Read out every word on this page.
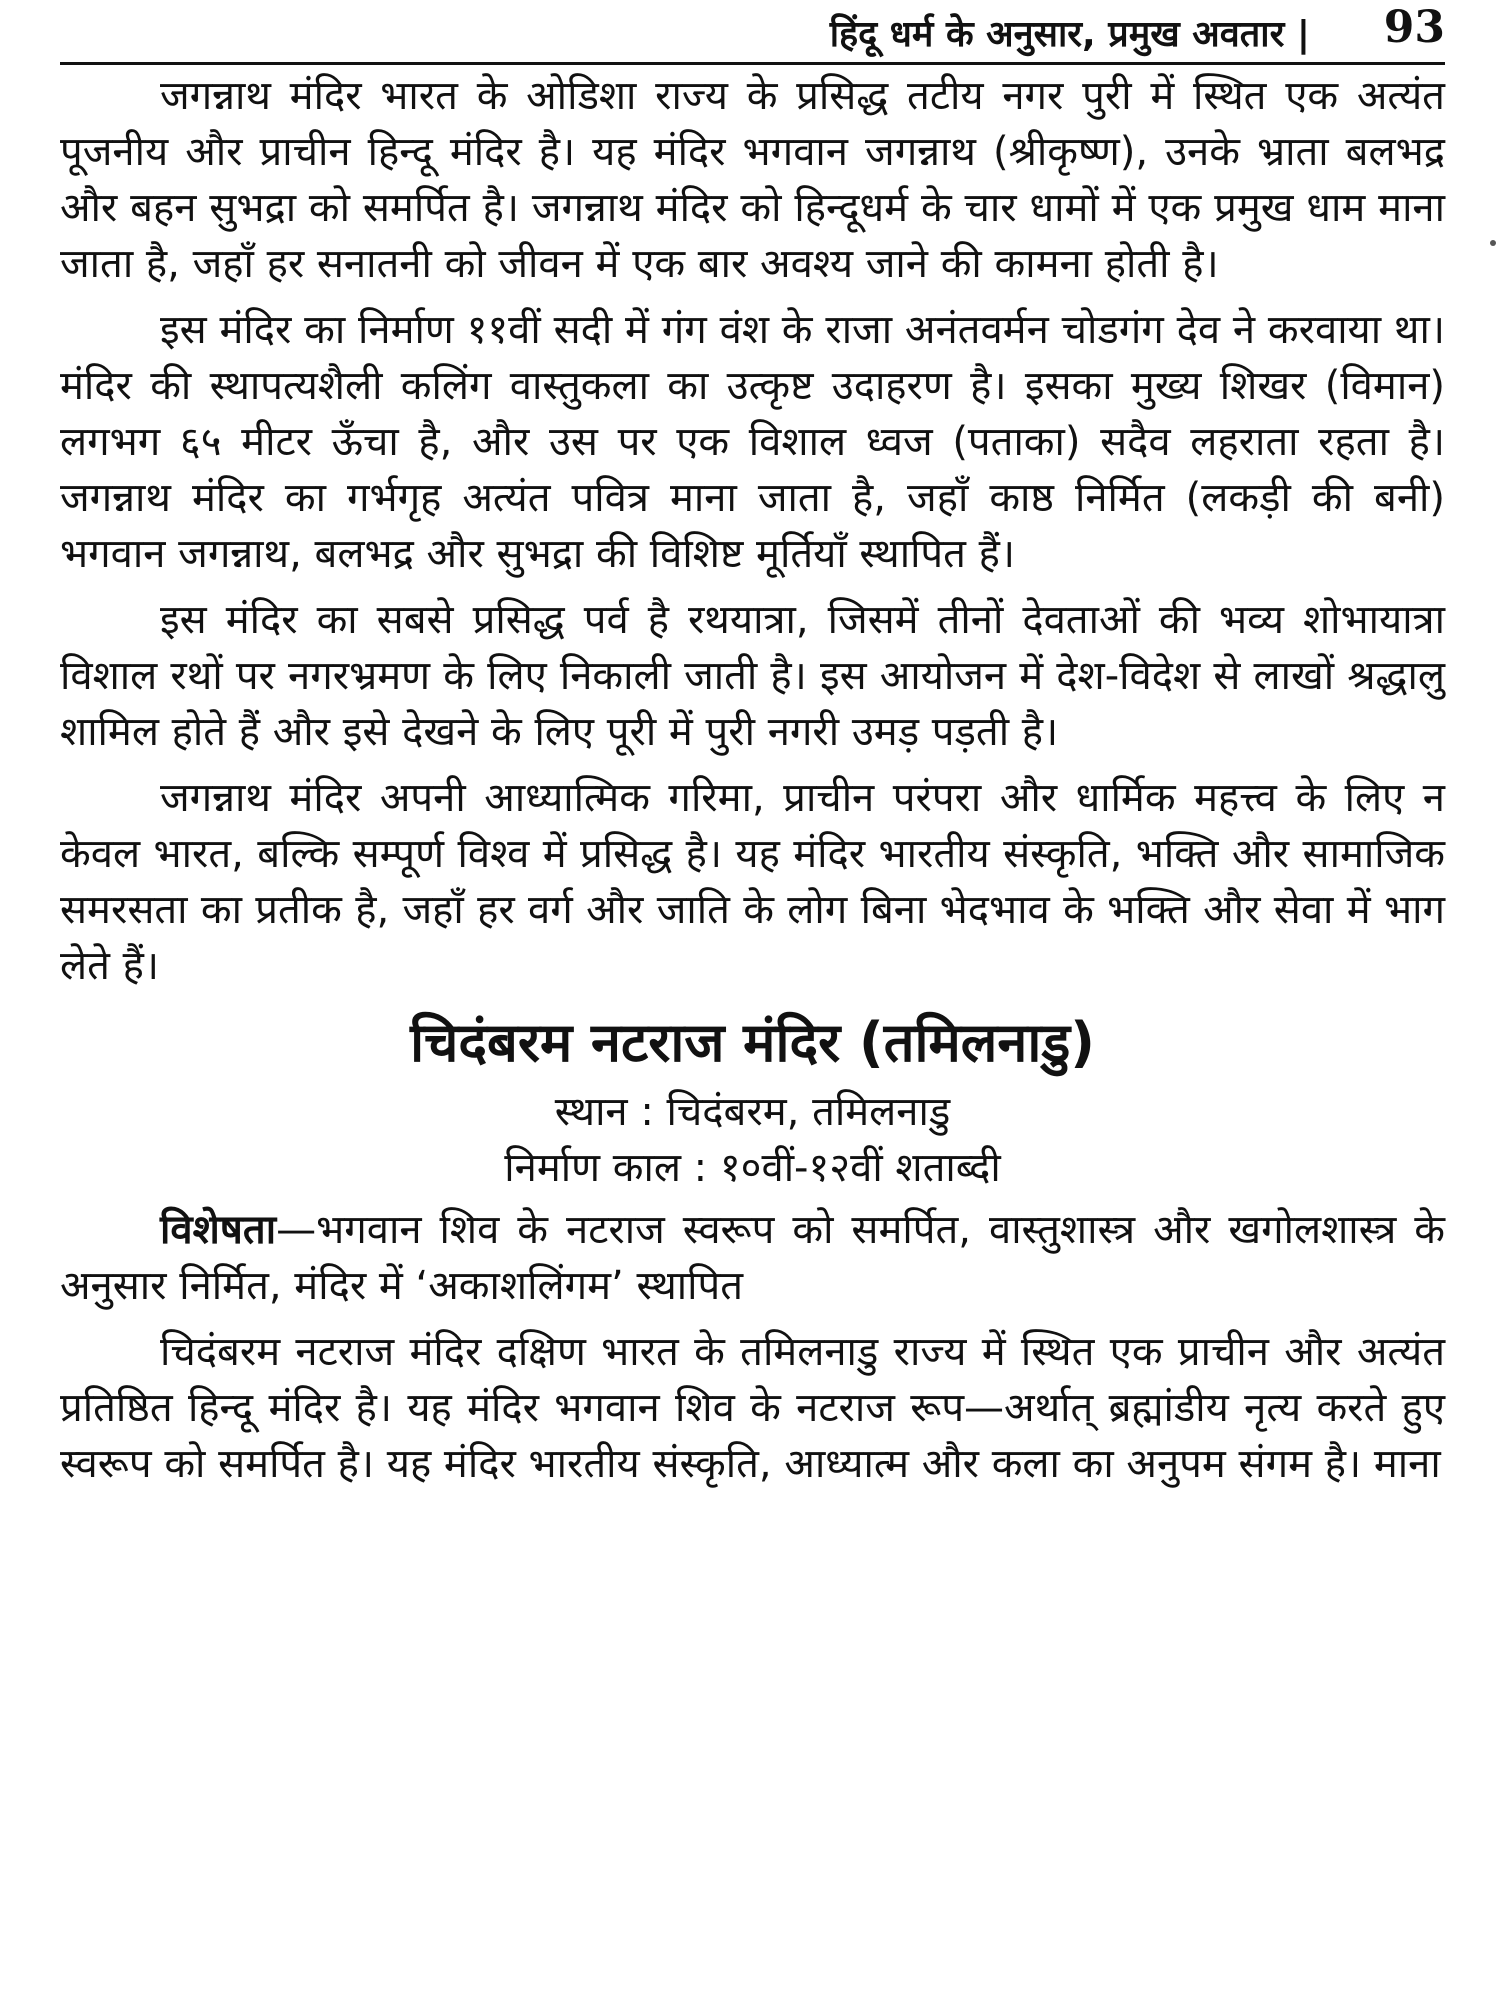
हिंदू धर्म के अनुसार, प्रमुख अवतार | 93

जगन्नाथ मंदिर भारत के ओडिशा राज्य के प्रसिद्ध तटीय नगर पुरी में स्थित एक अत्यंत पूजनीय और प्राचीन हिन्दू मंदिर है। यह मंदिर भगवान जगन्नाथ (श्रीकृष्ण), उनके भ्राता बलभद्र और बहन सुभद्रा को समर्पित है। जगन्नाथ मंदिर को हिन्दूधर्म के चार धामों में एक प्रमुख धाम माना जाता है, जहाँ हर सनातनी को जीवन में एक बार अवश्य जाने की कामना होती है।

इस मंदिर का निर्माण ११वीं सदी में गंग वंश के राजा अनंतवर्मन चोडगंग देव ने करवाया था। मंदिर की स्थापत्यशैली कलिंग वास्तुकला का उत्कृष्ट उदाहरण है। इसका मुख्य शिखर (विमान) लगभग ६५ मीटर ऊँचा है, और उस पर एक विशाल ध्वज (पताका) सदैव लहराता रहता है। जगन्नाथ मंदिर का गर्भगृह अत्यंत पवित्र माना जाता है, जहाँ काष्ठ निर्मित (लकड़ी की बनी) भगवान जगन्नाथ, बलभद्र और सुभद्रा की विशिष्ट मूर्तियाँ स्थापित हैं।

इस मंदिर का सबसे प्रसिद्ध पर्व है रथयात्रा, जिसमें तीनों देवताओं की भव्य शोभायात्रा विशाल रथों पर नगरभ्रमण के लिए निकाली जाती है। इस आयोजन में देश-विदेश से लाखों श्रद्धालु शामिल होते हैं और इसे देखने के लिए पूरी में पुरी नगरी उमड़ पड़ती है।

जगन्नाथ मंदिर अपनी आध्यात्मिक गरिमा, प्राचीन परंपरा और धार्मिक महत्त्व के लिए न केवल भारत, बल्कि सम्पूर्ण विश्व में प्रसिद्ध है। यह मंदिर भारतीय संस्कृति, भक्ति और सामाजिक समरसता का प्रतीक है, जहाँ हर वर्ग और जाति के लोग बिना भेदभाव के भक्ति और सेवा में भाग लेते हैं।

चिदंबरम नटराज मंदिर (तमिलनाडु)

स्थान : चिदंबरम, तमिलनाडु

निर्माण काल : १०वीं-१२वीं शताब्दी

विशेषता—भगवान शिव के नटराज स्वरूप को समर्पित, वास्तुशास्त्र और खगोलशास्त्र के अनुसार निर्मित, मंदिर में ‘अकाशलिंगम’ स्थापित

चिदंबरम नटराज मंदिर दक्षिण भारत के तमिलनाडु राज्य में स्थित एक प्राचीन और अत्यंत प्रतिष्ठित हिन्दू मंदिर है। यह मंदिर भगवान शिव के नटराज रूप—अर्थात् ब्रह्मांडीय नृत्य करते हुए स्वरूप को समर्पित है। यह मंदिर भारतीय संस्कृति, आध्यात्म और कला का अनुपम संगम है। माना
